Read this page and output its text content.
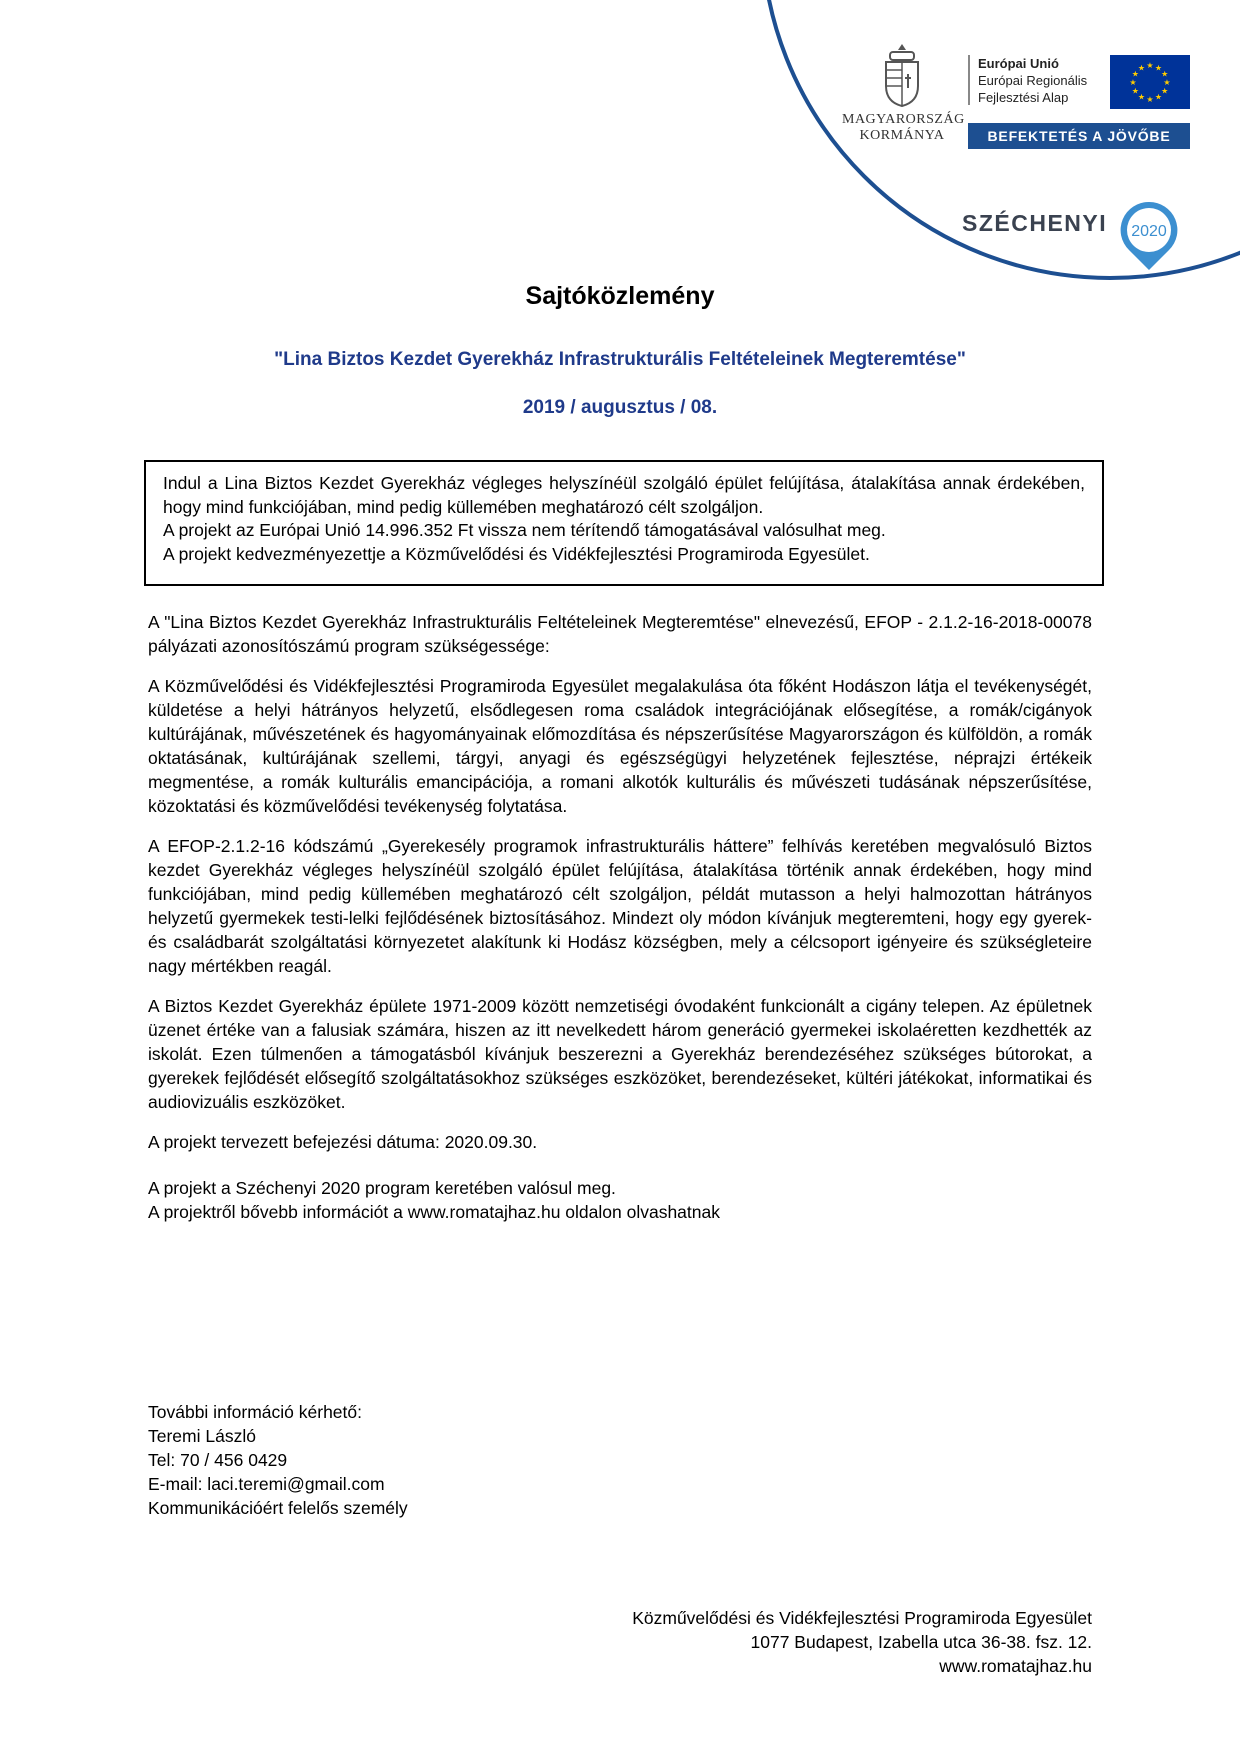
MAGYARORSZÁG
KORMÁNYA
Európai Unió
Európai Regionális
Fejlesztési Alap
★ ★
★
★
★
★
★
★
★
★
★
★
BEFEKTETÉS A JÖVŐBE
SZÉCHENYI 2020
Sajtóközlemény
"Lina Biztos Kezdet Gyerekház Infrastrukturális Feltételeinek Megteremtése"
2019 / augusztus / 08.

Indul a Lina Biztos Kezdet Gyerekház végleges helyszínéül szolgáló épület felújítása, átalakítása annak érdekében, hogy mind funkciójában, mind pedig küllemében meghatározó célt szolgáljon.

A projekt az Európai Unió 14.996.352 Ft vissza nem térítendő támogatásával valósulhat meg.

A projekt kedvezményezettje a Közművelődési és Vidékfejlesztési Programiroda Egyesület.

A "Lina Biztos Kezdet Gyerekház Infrastrukturális Feltételeinek Megteremtése" elnevezésű, EFOP - 2.1.2-16-2018-00078 pályázati azonosítószámú program szükségessége:

A Közművelődési és Vidékfejlesztési Programiroda Egyesület megalakulása óta főként Hodászon látja el tevékenységét, küldetése a helyi hátrányos helyzetű, elsődlegesen roma családok integrációjának elősegítése, a romák/cigányok kultúrájának, művészetének és hagyományainak előmozdítása és népszerűsítése Magyarországon és külföldön, a romák oktatásának, kultúrájának szellemi, tárgyi, anyagi és egészségügyi helyzetének fejlesztése, néprajzi értékeik megmentése, a romák kulturális emancipációja, a romani alkotók kulturális és művészeti tudásának népszerűsítése, közoktatási és közművelődési tevékenység folytatása.

A EFOP-2.1.2-16 kódszámú „Gyerekesély programok infrastrukturális háttere” felhívás keretében megvalósuló Biztos kezdet Gyerekház végleges helyszínéül szolgáló épület felújítása, átalakítása történik annak érdekében, hogy mind funkciójában, mind pedig küllemében meghatározó célt szolgáljon, példát mutasson a helyi halmozottan hátrányos helyzetű gyermekek testi-lelki fejlődésének biztosításához. Mindezt oly módon kívánjuk megteremteni, hogy egy gyerek- és családbarát szolgáltatási környezetet alakítunk ki Hodász községben, mely a célcsoport igényeire és szükségleteire nagy mértékben reagál.

A Biztos Kezdet Gyerekház épülete 1971-2009 között nemzetiségi óvodaként funkcionált a cigány telepen. Az épületnek üzenet értéke van a falusiak számára, hiszen az itt nevelkedett három generáció gyermekei iskolaéretten kezdhették az iskolát. Ezen túlmenően a támogatásból kívánjuk beszerezni a Gyerekház berendezéséhez szükséges bútorokat, a gyerekek fejlődését elősegítő szolgáltatásokhoz szükséges eszközöket, berendezéseket, kültéri játékokat, informatikai és audiovizuális eszközöket.

A projekt tervezett befejezési dátuma: 2020.09.30.

A projekt a Széchenyi 2020 program keretében valósul meg.

A projektről bővebb információt a www.romatajhaz.hu oldalon olvashatnak

További információ kérhető:
Teremi László
Tel: 70 / 456 0429
E-mail: laci.teremi@gmail.com
Kommunikációért felelős személy
Közművelődési és Vidékfejlesztési Programiroda Egyesület
1077 Budapest, Izabella utca 36-38. fsz. 12.
www.romatajhaz.hu
